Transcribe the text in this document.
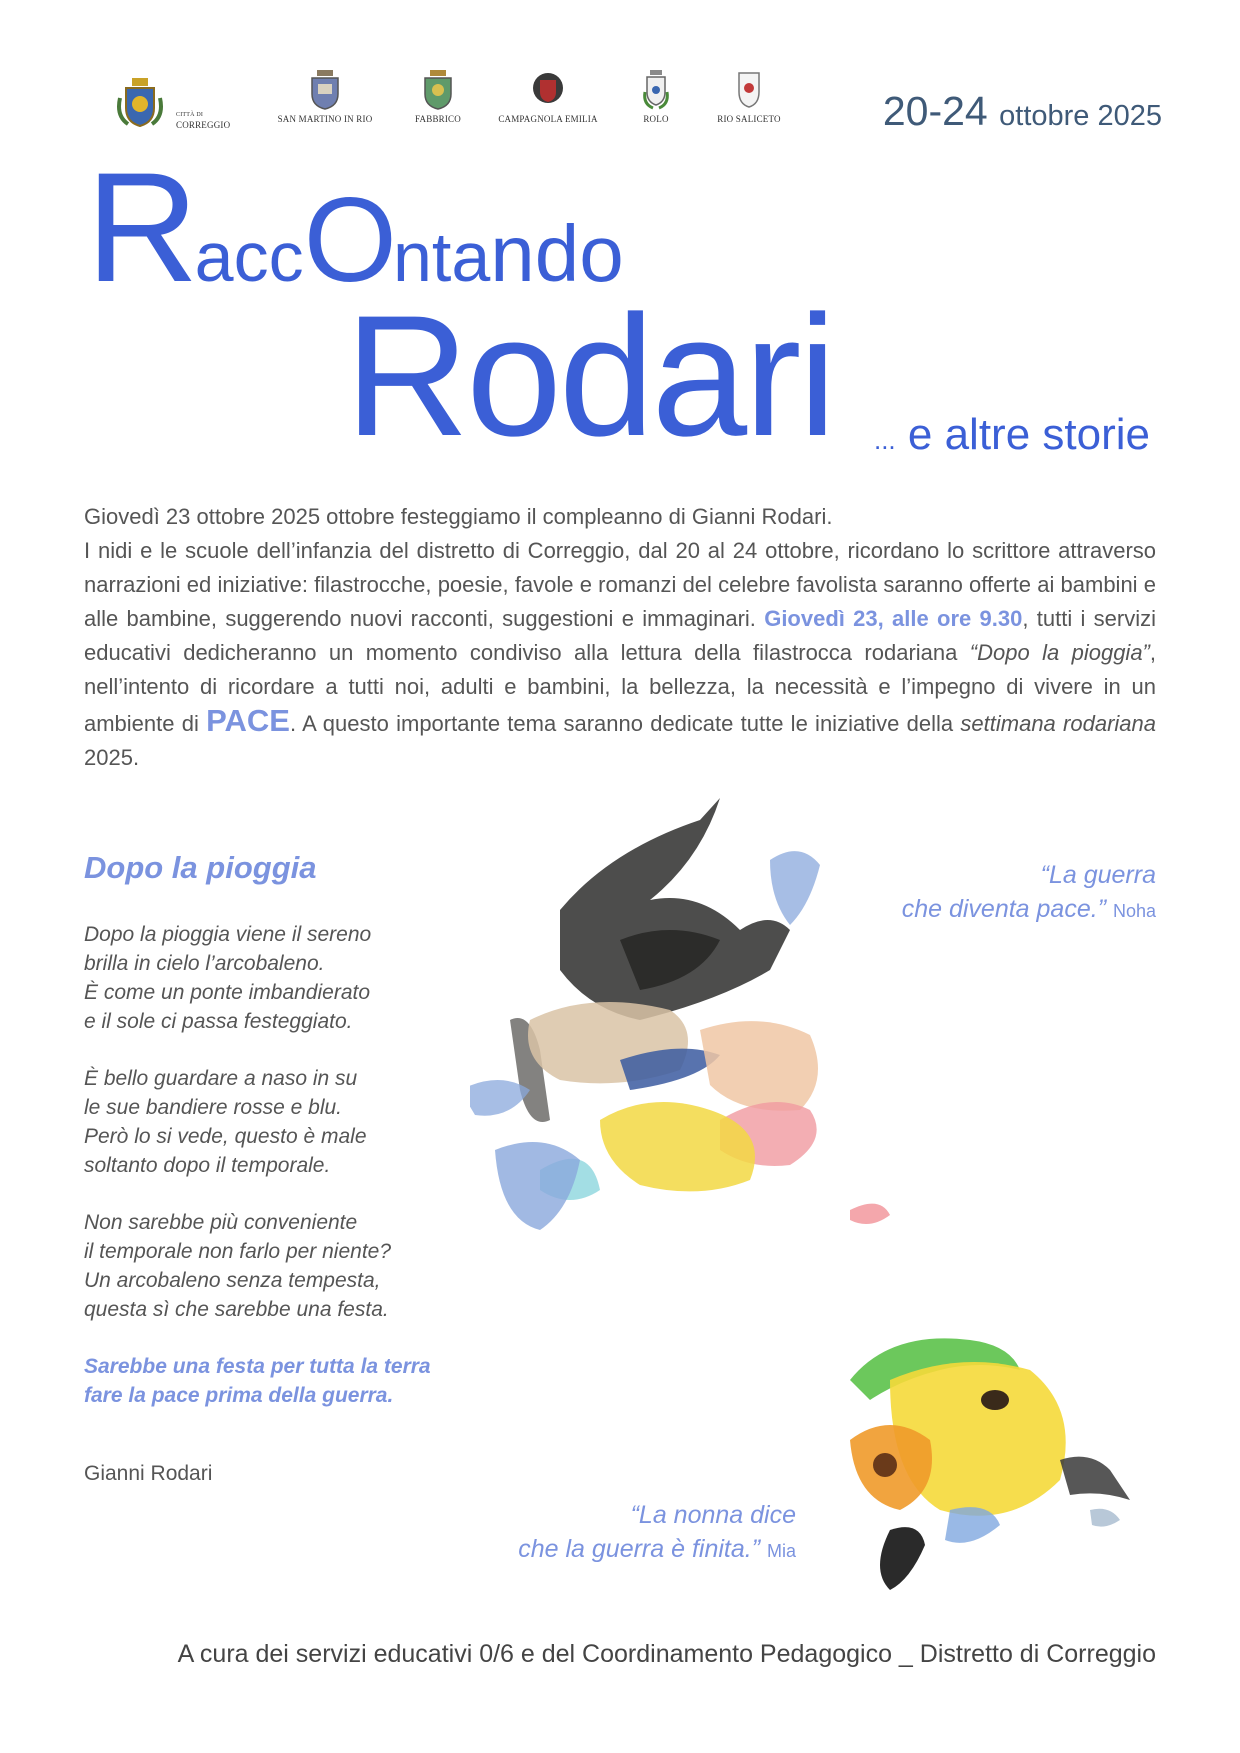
CITTÀ DI
CORREGGIO
SAN MARTINO IN RIO	FABBRICO	CAMPAGNOLA EMILIA	ROLO	RIO SALICETO	20-24 ottobre 2025
RaccOntando
Rodari ... e altre storie

Giovedì 23 ottobre 2025 ottobre festeggiamo il compleanno di Gianni Rodari.

I nidi e le scuole dell’infanzia del distretto di Correggio, dal 20 al 24 ottobre, ricordano lo scrittore attraverso narrazioni ed iniziative: filastrocche, poesie, favole e romanzi del celebre favolista saranno offerte ai bambini e alle bambine, suggerendo nuovi racconti, suggestioni e immaginari. Giovedì 23, alle ore 9.30, tutti i servizi educativi dedicheranno un momento condiviso alla lettura della filastrocca rodariana “Dopo la pioggia”, nell’intento di ricordare a tutti noi, adulti e bambini, la bellezza, la necessità e l’impegno di vivere in un ambiente di PACE. A questo importante tema saranno dedicate tutte le iniziative della settimana rodariana 2025.

Dopo la pioggia
Dopo la pioggia viene il sereno
brilla in cielo l’arcobaleno.
È come un ponte imbandierato
e il sole ci passa festeggiato.
È bello guardare a naso in su
le sue bandiere rosse e blu.
Però lo si vede, questo è male
soltanto dopo il temporale.
Non sarebbe più conveniente
il temporale non farlo per niente?
Un arcobaleno senza tempesta,
questa sì che sarebbe una festa.
Sarebbe una festa per tutta la terra
fare la pace prima della guerra.
Gianni Rodari
“La guerra
che diventa pace.” Noha
“La nonna dice
che la guerra è finita.” Mia
A cura dei servizi educativi 0/6 e del Coordinamento Pedagogico _ Distretto di Correggio
